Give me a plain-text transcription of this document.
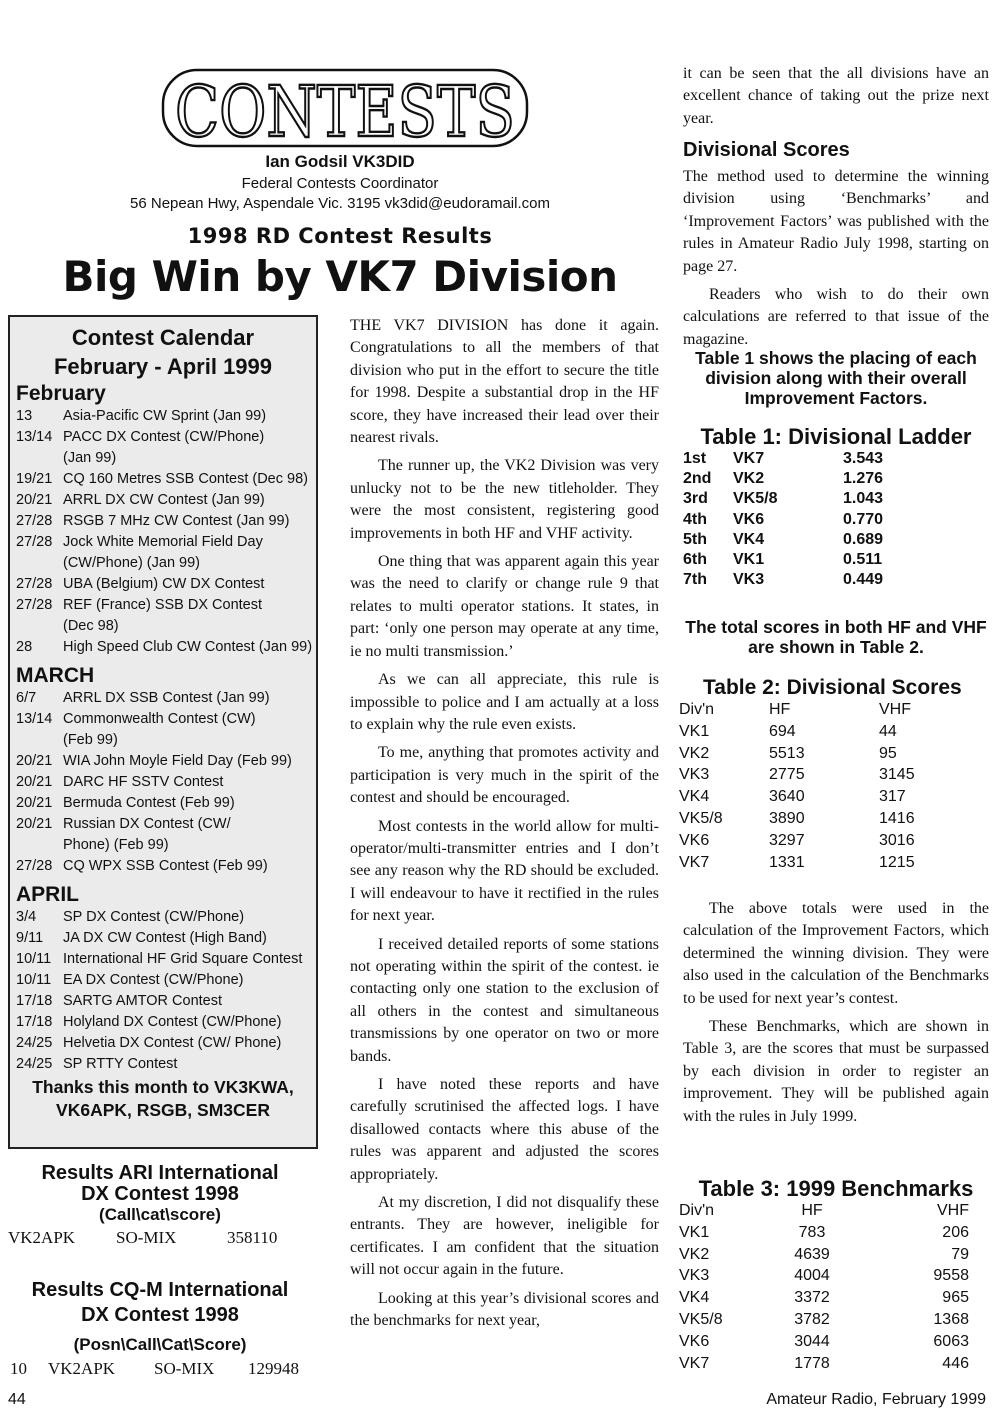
CONTESTS
Ian Godsil VK3DID
Federal Contests Coordinator
56 Nepean Hwy, Aspendale Vic. 3195 vk3did@eudoramail.com
1998 RD Contest Results
Big Win by VK7 Division
Contest Calendar
February - April 1999
February
13	Asia-Pacific CW Sprint (Jan 99)
13/14 PACC DX Contest (CW/Phone)
(Jan 99)
19/21 CQ 160 Metres SSB Contest (Dec 98)
20/21 ARRL DX CW Contest (Jan 99)
27/28 RSGB 7 MHz CW Contest (Jan 99)
27/28 Jock White Memorial Field Day
(CW/Phone) (Jan 99)
27/28 UBA (Belgium) CW DX Contest
27/28 REF (France) SSB DX Contest
(Dec 98)
28	High Speed Club CW Contest (Jan 99)
MARCH
6/7	ARRL DX SSB Contest (Jan 99)
13/14 Commonwealth Contest (CW)
(Feb 99)
20/21 WIA John Moyle Field Day (Feb 99)
20/21 DARC HF SSTV Contest
20/21 Bermuda Contest (Feb 99)
20/21 Russian DX Contest (CW/
Phone) (Feb 99)
27/28 CQ WPX SSB Contest (Feb 99)
APRIL
3/4	SP DX Contest (CW/Phone)
9/11	JA DX CW Contest (High Band)
10/11 International HF Grid Square Contest
10/11 EA DX Contest (CW/Phone)
17/18 SARTG AMTOR Contest
17/18 Holyland DX Contest (CW/Phone)
24/25 Helvetia DX Contest (CW/ Phone)
24/25 SP RTTY Contest
Thanks this month to VK3KWA,
VK6APK, RSGB, SM3CER
Results ARI International
DX Contest 1998
(Call\cat\score)
VK2APK SO-MIX	358110
Results CQ-M International
DX Contest 1998
(Posn\Call\Cat\Score)
10 VK2APK SO-MIX 129948

THE VK7 DIVISION has done it again. Congratulations to all the members of that division who put in the effort to secure the title for 1998. Despite a substantial drop in the HF score, they have increased their lead over their nearest rivals.

The runner up, the VK2 Division was very unlucky not to be the new titleholder. They were the most consistent, registering good improvements in both HF and VHF activity.

One thing that was apparent again this year was the need to clarify or change rule 9 that relates to multi operator stations. It states, in part: ‘only one person may operate at any time, ie no multi transmission.’

As we can all appreciate, this rule is impossible to police and I am actually at a loss to explain why the rule even exists.

To me, anything that promotes activity and participation is very much in the spirit of the contest and should be encouraged.

Most contests in the world allow for multi-operator/multi-transmitter entries and I don’t see any reason why the RD should be excluded. I will endeavour to have it rectified in the rules for next year.

I received detailed reports of some stations not operating within the spirit of the contest. ie contacting only one station to the exclusion of all others in the contest and simultaneous transmissions by one operator on two or more bands.

I have noted these reports and have carefully scrutinised the affected logs. I have disallowed contacts where this abuse of the rules was apparent and adjusted the scores appropriately.

At my discretion, I did not disqualify these entrants. They are however, ineligible for certificates. I am confident that the situation will not occur again in the future.

Looking at this year’s divisional scores and the benchmarks for next year,

it can be seen that the all divisions have an excellent chance of taking out the prize next year.

Divisional Scores

The method used to determine the winning division using ‘Benchmarks’ and ‘Improvement Factors’ was published with the rules in Amateur Radio July 1998, starting on page 27.

Readers who wish to do their own calculations are referred to that issue of the magazine.

Table 1 shows the placing of each division along with their overall Improvement Factors.
Table 1: Divisional Ladder
1st	VK7	3.543
2nd	VK2	1.276
3rd	VK5/8	1.043
4th	VK6	0.770
5th	VK4	0.689
6th	VK1	0.511
7th	VK3	0.449
The total scores in both HF and VHF are shown in Table 2.
Table 2: Divisional Scores
Div'n	HF	VHF
VK1	694	44
VK2	5513	95
VK3	2775	3145
VK4	3640	317
VK5/8	3890	1416
VK6	3297	3016
VK7	1331	1215

The above totals were used in the calculation of the Improvement Factors, which determined the winning division. They were also used in the calculation of the Benchmarks to be used for next year’s contest.

These Benchmarks, which are shown in Table 3, are the scores that must be surpassed by each division in order to register an improvement. They will be published again with the rules in July 1999.

Table 3: 1999 Benchmarks
Div'n	HF	VHF
VK1	783	206
VK2	4639	79
VK3	4004	9558
VK4	3372	965
VK5/8	3782	1368
VK6	3044	6063
VK7	1778	446
44	Amateur Radio, February 1999
